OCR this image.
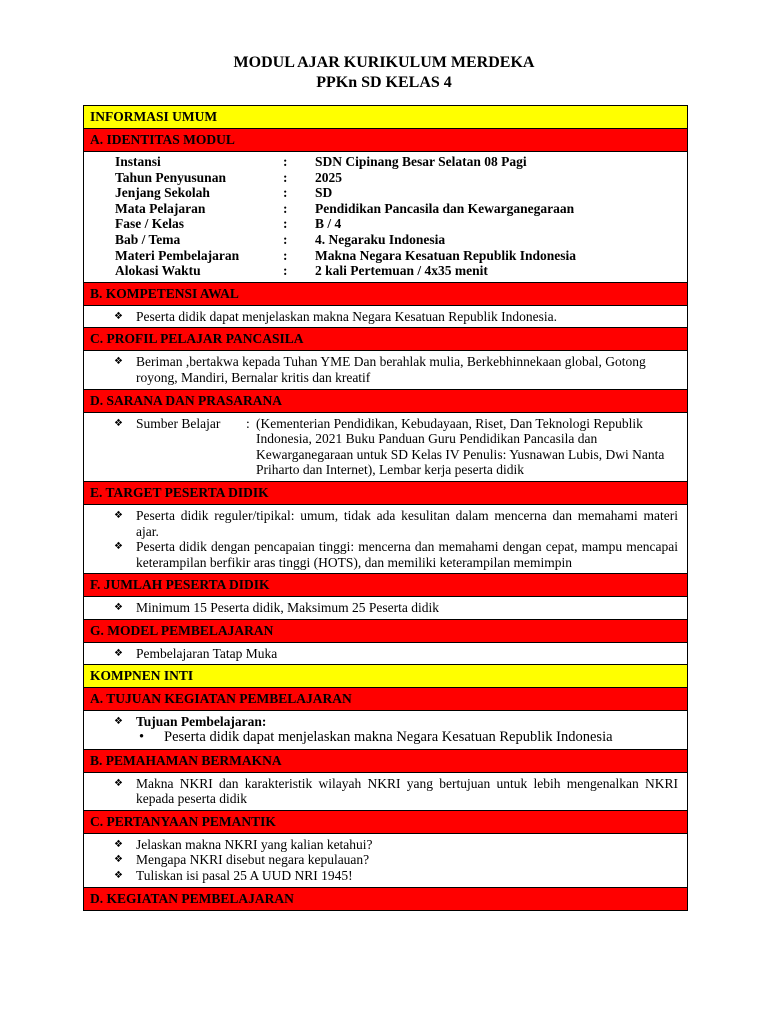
MODUL AJAR KURIKULUM MERDEKA
PPKn SD KELAS 4
INFORMASI UMUM
A. IDENTITAS MODUL

Instansi	:	SDN Cipinang Besar Selatan 08 Pagi
Tahun Penyusunan	:	2025
Jenjang Sekolah	:	SD
Mata Pelajaran	:	Pendidikan Pancasila dan Kewarganegaraan
Fase / Kelas	:	B / 4
Bab / Tema	:	4. Negaraku Indonesia
Materi Pembelajaran	:	Makna Negara Kesatuan Republik Indonesia
Alokasi Waktu	:	2 kali Pertemuan / 4x35 menit

B. KOMPETENSI AWAL

❖ Peserta didik dapat menjelaskan makna Negara Kesatuan Republik Indonesia.

C. PROFIL PELAJAR PANCASILA

❖ Beriman ,bertakwa kepada Tuhan YME Dan berahlak mulia, Berkebhinnekaan global, Gotong royong, Mandiri, Bernalar kritis dan kreatif

D. SARANA DAN PRASARANA

❖ Sumber Belajar	: (Kementerian Pendidikan, Kebudayaan, Riset, Dan Teknologi Republik Indonesia, 2021 Buku Panduan Guru Pendidikan Pancasila dan Kewarganegaraan untuk SD Kelas IV Penulis: Yusnawan Lubis, Dwi Nanta Priharto dan Internet), Lembar kerja peserta didik

E. TARGET PESERTA DIDIK

❖ Peserta didik reguler/tipikal: umum, tidak ada kesulitan dalam mencerna dan memahami materi ajar.
❖ Peserta didik dengan pencapaian tinggi: mencerna dan memahami dengan cepat, mampu mencapai keterampilan berfikir aras tinggi (HOTS), dan memiliki keterampilan memimpin

F. JUMLAH PESERTA DIDIK

❖ Minimum 15 Peserta didik, Maksimum 25 Peserta didik

G. MODEL PEMBELAJARAN

❖ Pembelajaran Tatap Muka

KOMPNEN INTI
A. TUJUAN KEGIATAN PEMBELAJARAN

❖ Tujuan Pembelajaran:
• Peserta didik dapat menjelaskan makna Negara Kesatuan Republik Indonesia

B. PEMAHAMAN BERMAKNA

❖ Makna NKRI dan karakteristik wilayah NKRI yang bertujuan untuk lebih mengenalkan NKRI kepada peserta didik

C. PERTANYAAN PEMANTIK

❖ Jelaskan makna NKRI yang kalian ketahui?
❖ Mengapa NKRI disebut negara kepulauan?
❖ Tuliskan isi pasal 25 A UUD NRI 1945!

D. KEGIATAN PEMBELAJARAN
